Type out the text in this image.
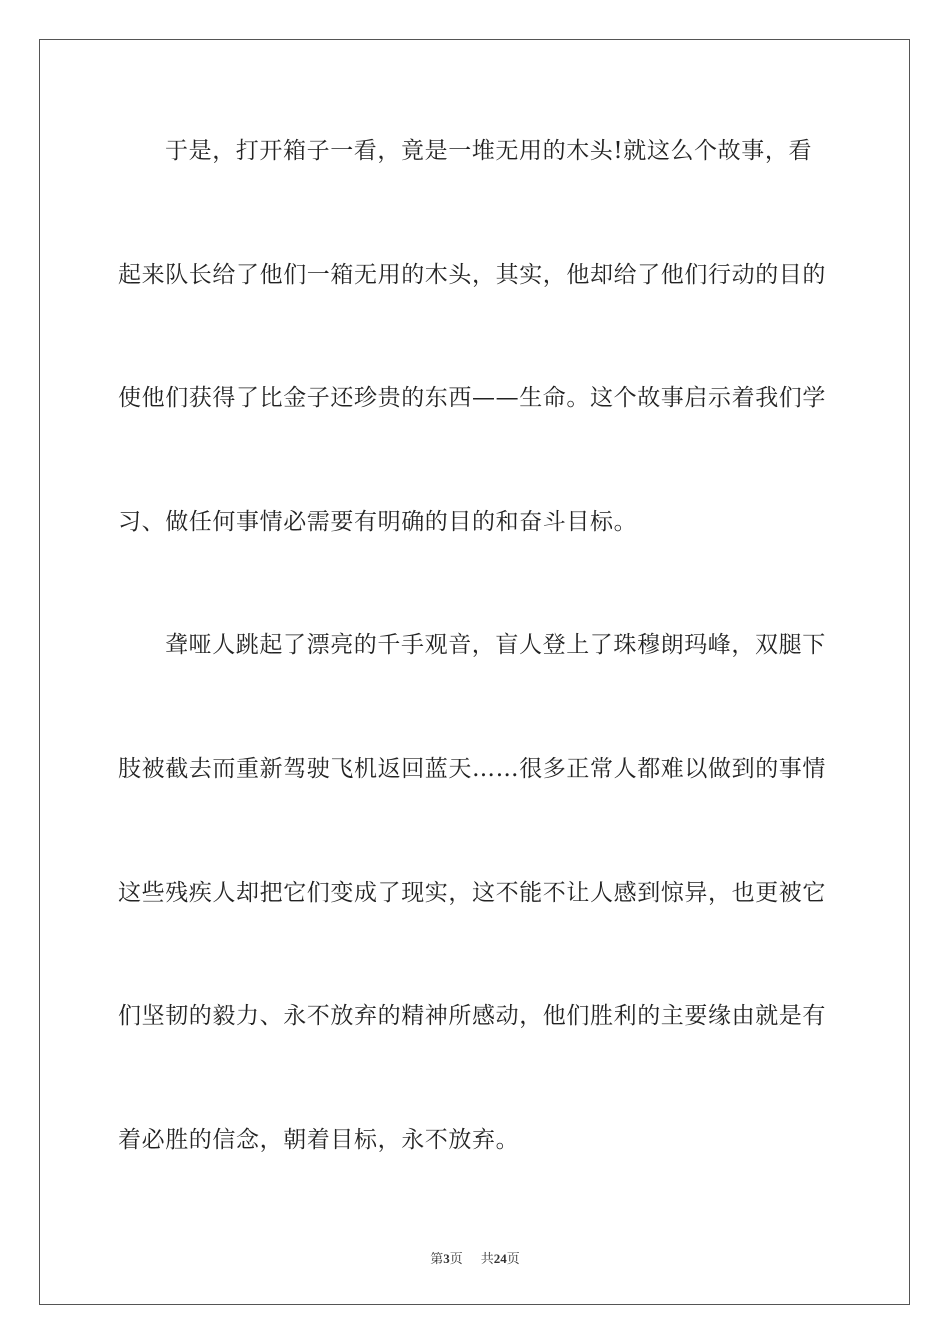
于是，打开箱子一看，竟是一堆无用的木头!就这么个故事，看
起来队长给了他们一箱无用的木头，其实，他却给了他们行动的目的
使他们获得了比金子还珍贵的东西——生命。这个故事启示着我们学
习、做任何事情必需要有明确的目的和奋斗目标。
聋哑人跳起了漂亮的千手观音，盲人登上了珠穆朗玛峰，双腿下
肢被截去而重新驾驶飞机返回蓝天……很多正常人都难以做到的事情
这些残疾人却把它们变成了现实，这不能不让人感到惊异，也更被它
们坚韧的毅力、永不放弃的精神所感动，他们胜利的主要缘由就是有
着必胜的信念，朝着目标，永不放弃。
第3页 共24页
